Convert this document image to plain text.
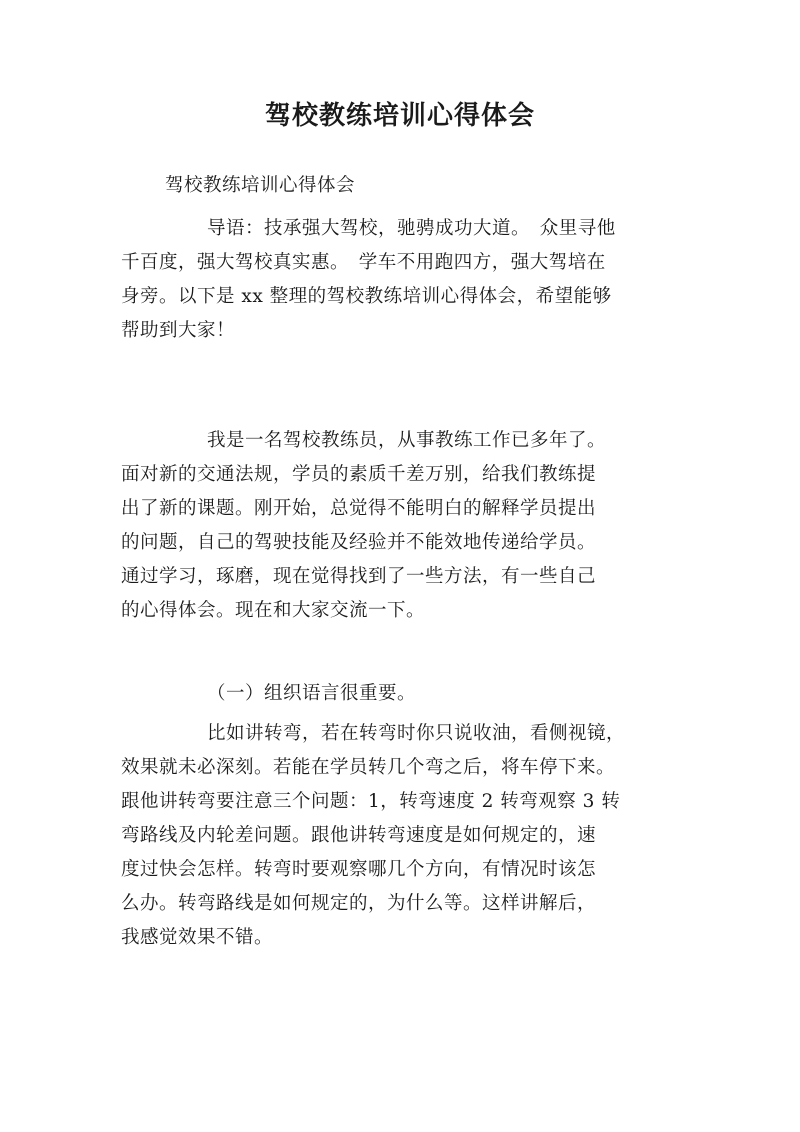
驾校教练培训心得体会
驾校教练培训心得体会
导语：技承强大驾校，驰骋成功大道。　众里寻他
千百度，强大驾校真实惠。　学车不用跑四方，强大驾培在
身旁。以下是 xx 整理的驾校教练培训心得体会，希望能够
帮助到大家！
我是一名驾校教练员，从事教练工作已多年了。
面对新的交通法规，学员的素质千差万别，给我们教练提
出了新的课题。刚开始，总觉得不能明白的解释学员提出
的问题，自己的驾驶技能及经验并不能效地传递给学员。
通过学习，琢磨，现在觉得找到了一些方法，有一些自己
的心得体会。现在和大家交流一下。
（一）组织语言很重要。
比如讲转弯，若在转弯时你只说收油，看侧视镜，
效果就未必深刻。若能在学员转几个弯之后，将车停下来。
跟他讲转弯要注意三个问题：1，转弯速度 2 转弯观察 3 转
弯路线及内轮差问题。跟他讲转弯速度是如何规定的，速
度过快会怎样。转弯时要观察哪几个方向，有情况时该怎
么办。转弯路线是如何规定的，为什么等。这样讲解后，
我感觉效果不错。
